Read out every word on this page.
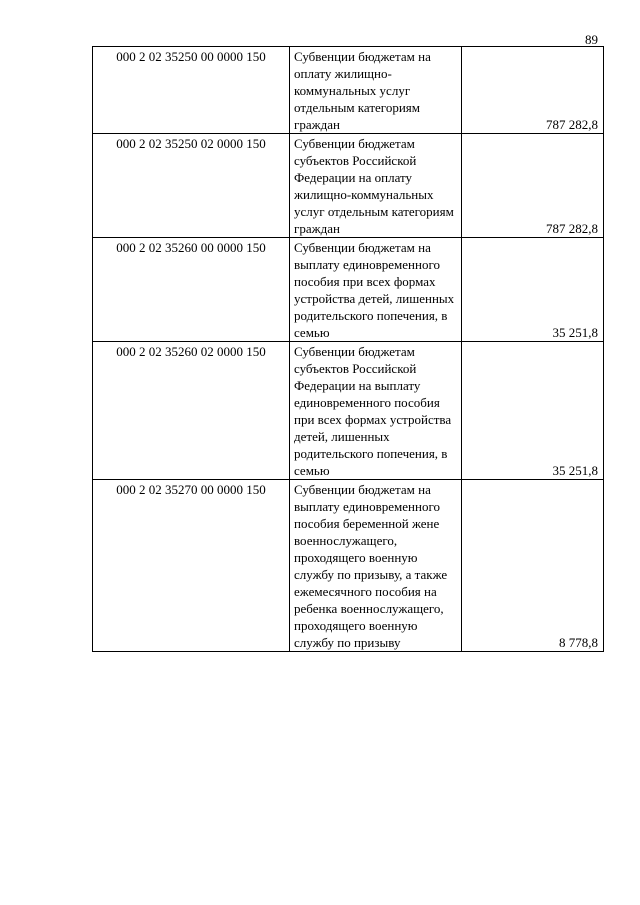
89
000 2 02 35250 00 0000 150	Субвенции бюджетам на оплату жилищно-коммунальных услуг отдельным категориям граждан	787 282,8
000 2 02 35250 02 0000 150	Субвенции бюджетам субъектов Российской Федерации на оплату жилищно-коммунальных услуг отдельным категориям граждан	787 282,8
000 2 02 35260 00 0000 150	Субвенции бюджетам на выплату единовременного пособия при всех формах устройства детей, лишенных родительского попечения, в семью	35 251,8
000 2 02 35260 02 0000 150	Субвенции бюджетам субъектов Российской Федерации на выплату единовременного пособия при всех формах устройства детей, лишенных родительского попечения, в семью	35 251,8
000 2 02 35270 00 0000 150	Субвенции бюджетам на выплату единовременного пособия беременной жене военнослужащего, проходящего военную службу по призыву, а также ежемесячного пособия на ребенка военнослужащего, проходящего военную службу по призыву	8 778,8
